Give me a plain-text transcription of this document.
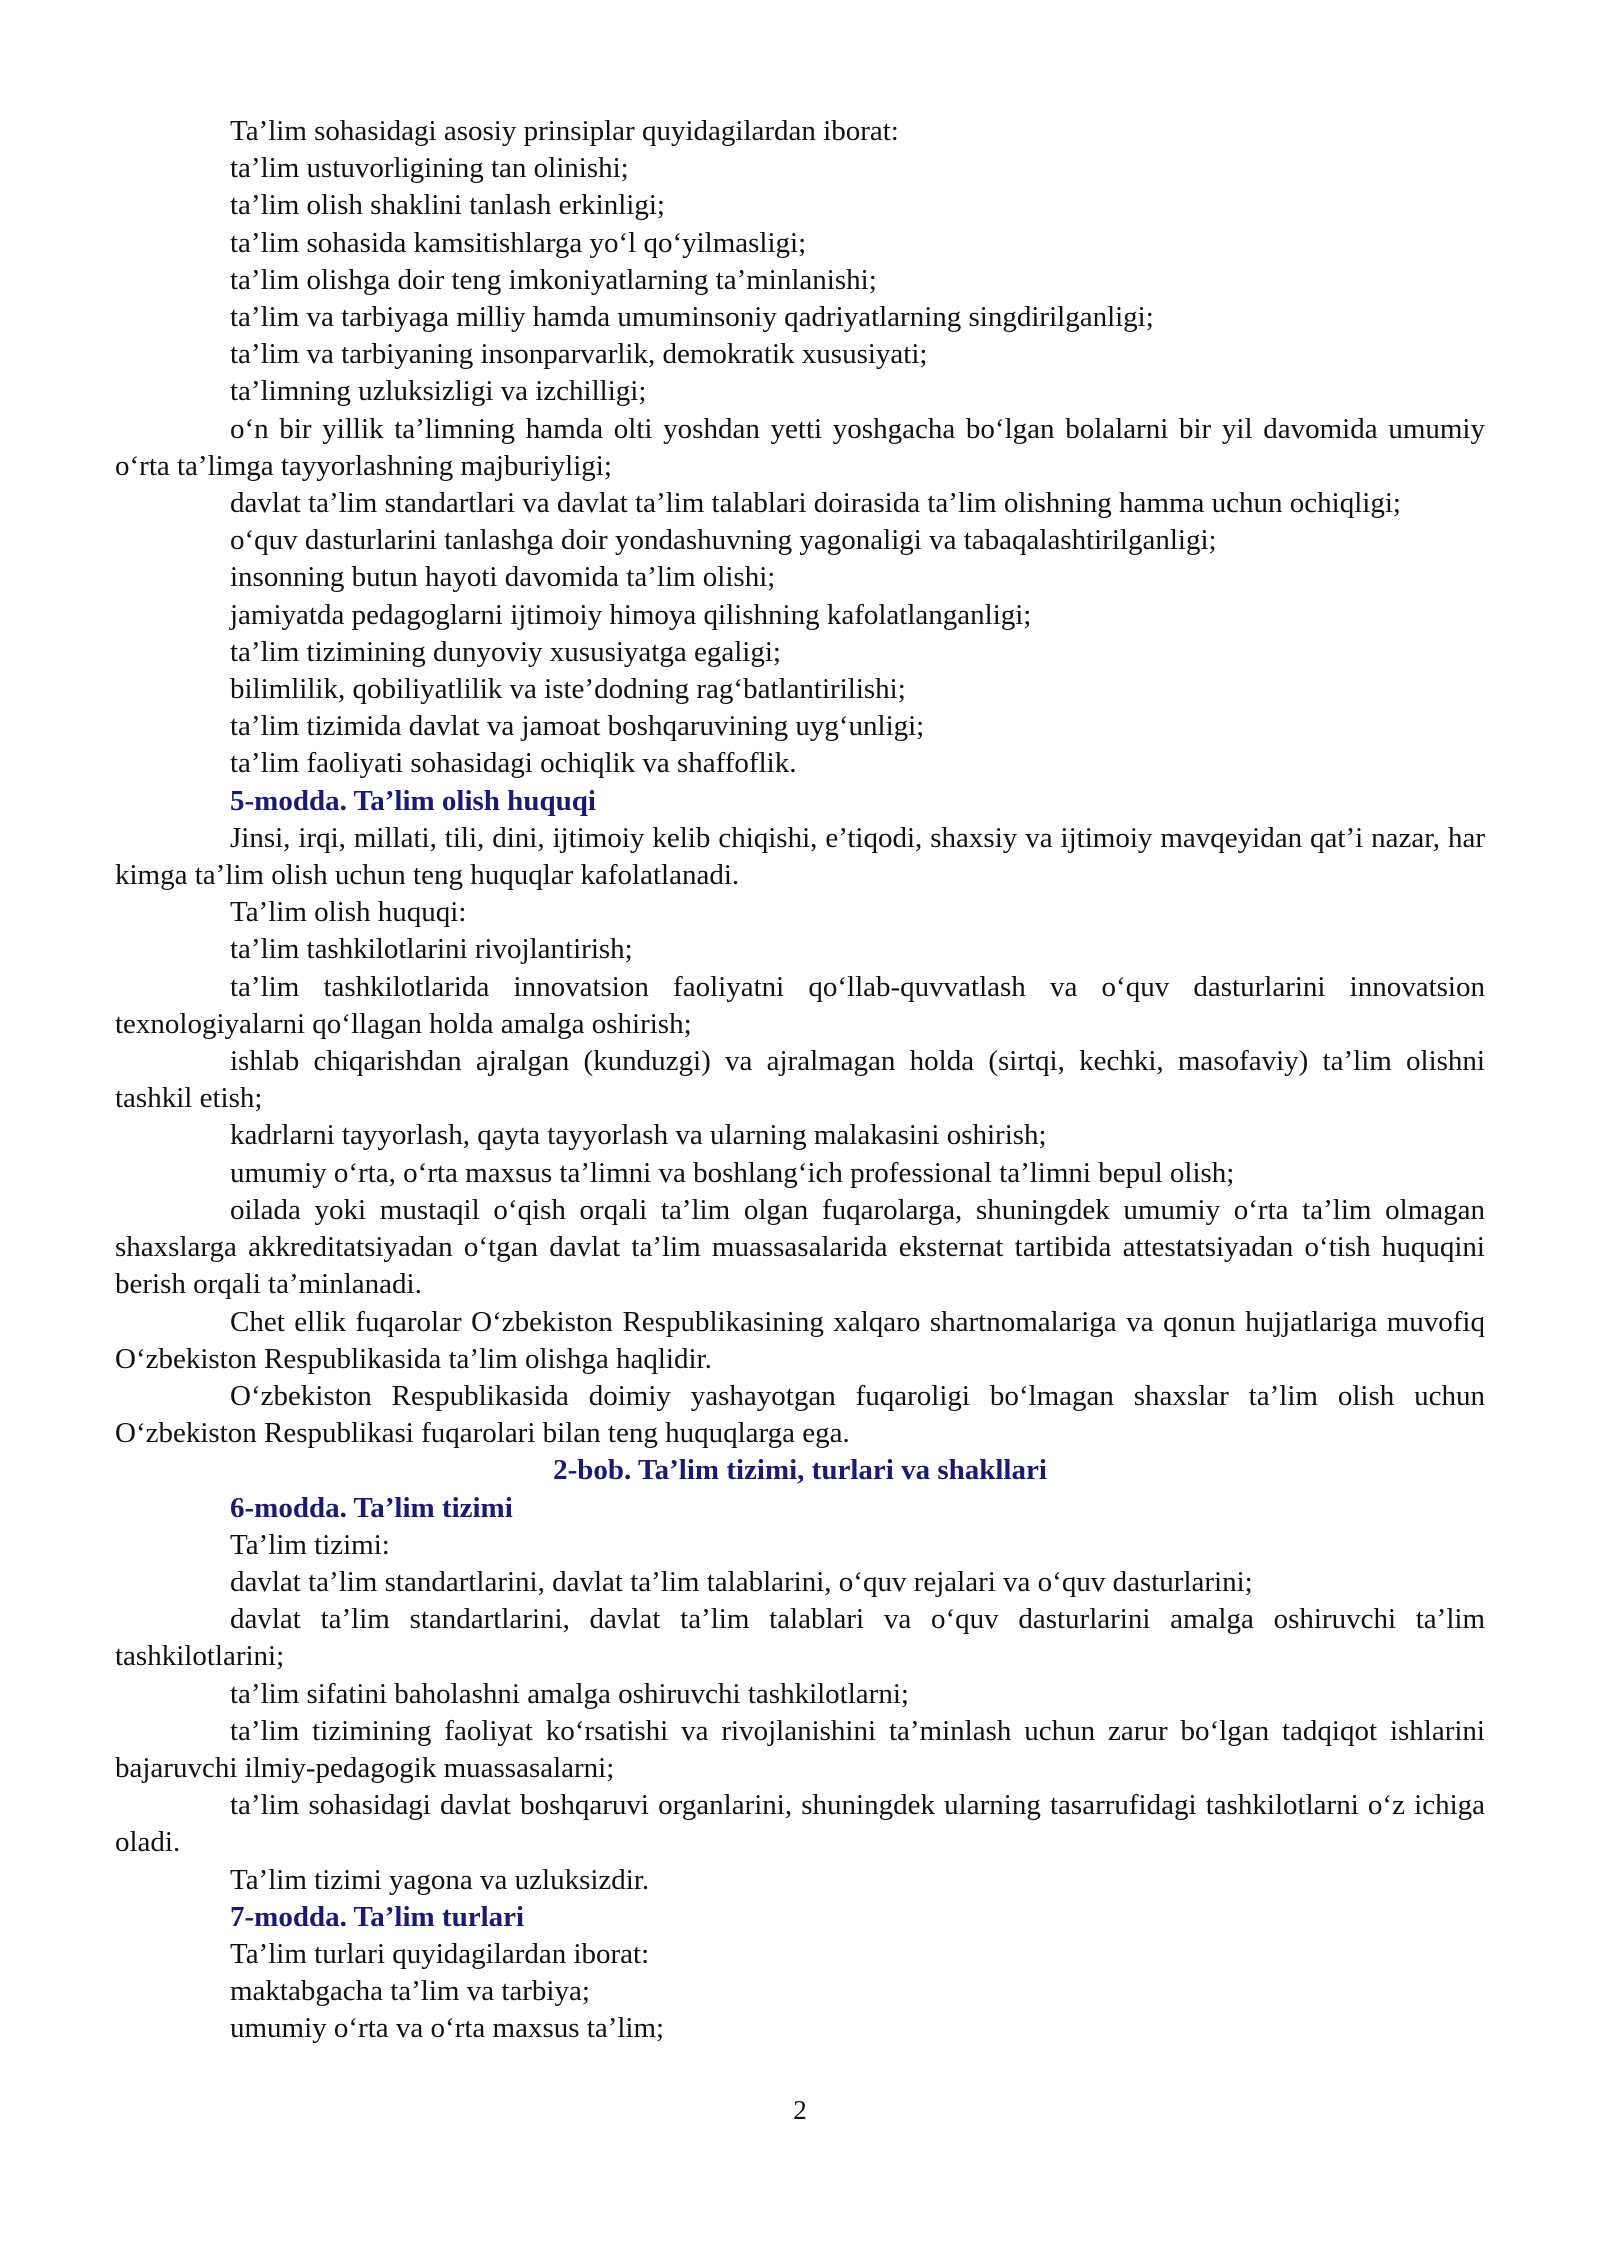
Ta’lim sohasidagi asosiy prinsiplar quyidagilardan iborat:

ta’lim ustuvorligining tan olinishi;

ta’lim olish shaklini tanlash erkinligi;

ta’lim sohasida kamsitishlarga yo‘l qo‘yilmasligi;

ta’lim olishga doir teng imkoniyatlarning ta’minlanishi;

ta’lim va tarbiyaga milliy hamda umuminsoniy qadriyatlarning singdirilganligi;

ta’lim va tarbiyaning insonparvarlik, demokratik xususiyati;

ta’limning uzluksizligi va izchilligi;

o‘n bir yillik ta’limning hamda olti yoshdan yetti yoshgacha bo‘lgan bolalarni bir yil davomida umumiy o‘rta ta’limga tayyorlashning majburiyligi;

davlat ta’lim standartlari va davlat ta’lim talablari doirasida ta’lim olishning hamma uchun ochiqligi;

o‘quv dasturlarini tanlashga doir yondashuvning yagonaligi va tabaqalashtirilganligi;

insonning butun hayoti davomida ta’lim olishi;

jamiyatda pedagoglarni ijtimoiy himoya qilishning kafolatlanganligi;

ta’lim tizimining dunyoviy xususiyatga egaligi;

bilimlilik, qobiliyatlilik va iste’dodning rag‘batlantirilishi;

ta’lim tizimida davlat va jamoat boshqaruvining uyg‘unligi;

ta’lim faoliyati sohasidagi ochiqlik va shaffoflik.

5-modda. Ta’lim olish huquqi

Jinsi, irqi, millati, tili, dini, ijtimoiy kelib chiqishi, e’tiqodi, shaxsiy va ijtimoiy mavqeyidan qat’i nazar, har kimga ta’lim olish uchun teng huquqlar kafolatlanadi.

Ta’lim olish huquqi:

ta’lim tashkilotlarini rivojlantirish;

ta’lim tashkilotlarida innovatsion faoliyatni qo‘llab-quvvatlash va o‘quv dasturlarini innovatsion texnologiyalarni qo‘llagan holda amalga oshirish;

ishlab chiqarishdan ajralgan (kunduzgi) va ajralmagan holda (sirtqi, kechki, masofaviy) ta’lim olishni tashkil etish;

kadrlarni tayyorlash, qayta tayyorlash va ularning malakasini oshirish;

umumiy o‘rta, o‘rta maxsus ta’limni va boshlang‘ich professional ta’limni bepul olish;

oilada yoki mustaqil o‘qish orqali ta’lim olgan fuqarolarga, shuningdek umumiy o‘rta ta’lim olmagan shaxslarga akkreditatsiyadan o‘tgan davlat ta’lim muassasalarida eksternat tartibida attestatsiyadan o‘tish huquqini berish orqali ta’minlanadi.

Chet ellik fuqarolar O‘zbekiston Respublikasining xalqaro shartnomalariga va qonun hujjatlariga muvofiq O‘zbekiston Respublikasida ta’lim olishga haqlidir.

O‘zbekiston Respublikasida doimiy yashayotgan fuqaroligi bo‘lmagan shaxslar ta’lim olish uchun O‘zbekiston Respublikasi fuqarolari bilan teng huquqlarga ega.

2-bob. Ta’lim tizimi, turlari va shakllari

6-modda. Ta’lim tizimi

Ta’lim tizimi:

davlat ta’lim standartlarini, davlat ta’lim talablarini, o‘quv rejalari va o‘quv dasturlarini;

davlat ta’lim standartlarini, davlat ta’lim talablari va o‘quv dasturlarini amalga oshiruvchi ta’lim tashkilotlarini;

ta’lim sifatini baholashni amalga oshiruvchi tashkilotlarni;

ta’lim tizimining faoliyat ko‘rsatishi va rivojlanishini ta’minlash uchun zarur bo‘lgan tadqiqot ishlarini bajaruvchi ilmiy-pedagogik muassasalarni;

ta’lim sohasidagi davlat boshqaruvi organlarini, shuningdek ularning tasarrufidagi tashkilotlarni o‘z ichiga oladi.

Ta’lim tizimi yagona va uzluksizdir.

7-modda. Ta’lim turlari

Ta’lim turlari quyidagilardan iborat:

maktabgacha ta’lim va tarbiya;

umumiy o‘rta va o‘rta maxsus ta’lim;

2
